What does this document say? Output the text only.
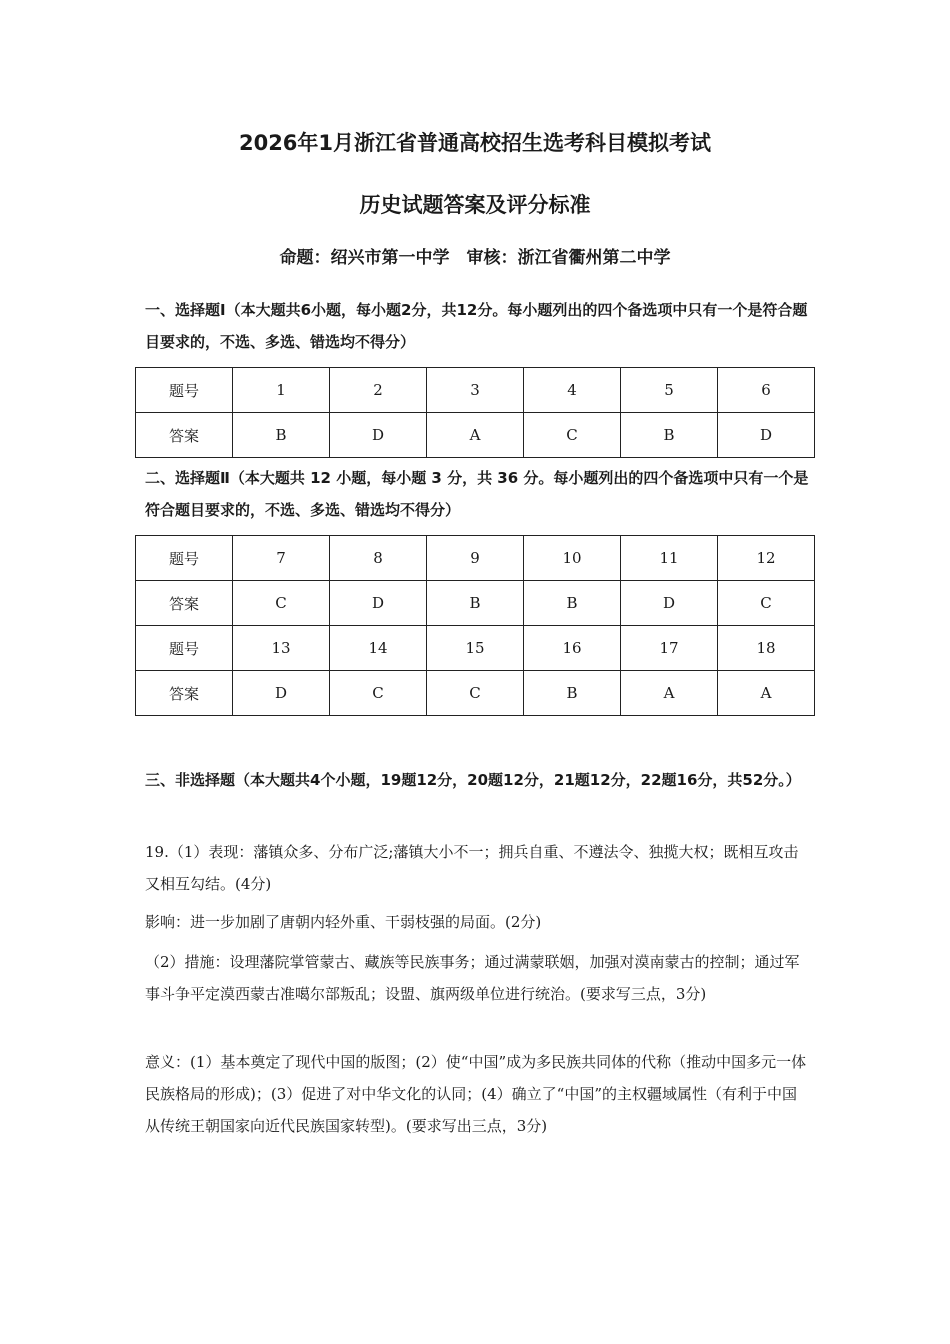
2026年1月浙江省普通高校招生选考科目模拟考试
历史试题答案及评分标准
命题：绍兴市第一中学　审核：浙江省衢州第二中学
一、选择题Ⅰ（本大题共6小题，每小题2分，共12分。每小题列出的四个备选项中只有一个是符合题目要求的，不选、多选、错选均不得分）
题号	1	2	3	4	5	6
答案	B	D	A	C	B	D
二、选择题Ⅱ（本大题共 12 小题，每小题 3 分，共 36 分。每小题列出的四个备选项中只有一个是符合题目要求的，不选、多选、错选均不得分）
题号	7	8	9	10	11	12
答案	C	D	B	B	D	C
题号	13	14	15	16	17	18
答案	D	C	C	B	A	A
三、非选择题（本大题共4个小题，19题12分，20题12分，21题12分，22题16分，共52分。）
19.（1）表现：藩镇众多、分布广泛;藩镇大小不一；拥兵自重、不遵法令、独揽大权；既相互攻击又相互勾结。(4分)
影响：进一步加剧了唐朝内轻外重、干弱枝强的局面。(2分)
（2）措施：设理藩院掌管蒙古、藏族等民族事务；通过满蒙联姻，加强对漠南蒙古的控制；通过军事斗争平定漠西蒙古准噶尔部叛乱；设盟、旗两级单位进行统治。(要求写三点，3分)
意义：(1）基本奠定了现代中国的版图；(2）使“中国”成为多民族共同体的代称（推动中国多元一体民族格局的形成)；(3）促进了对中华文化的认同；(4）确立了“中国”的主权疆域属性（有利于中国从传统王朝国家向近代民族国家转型)。(要求写出三点，3分)
